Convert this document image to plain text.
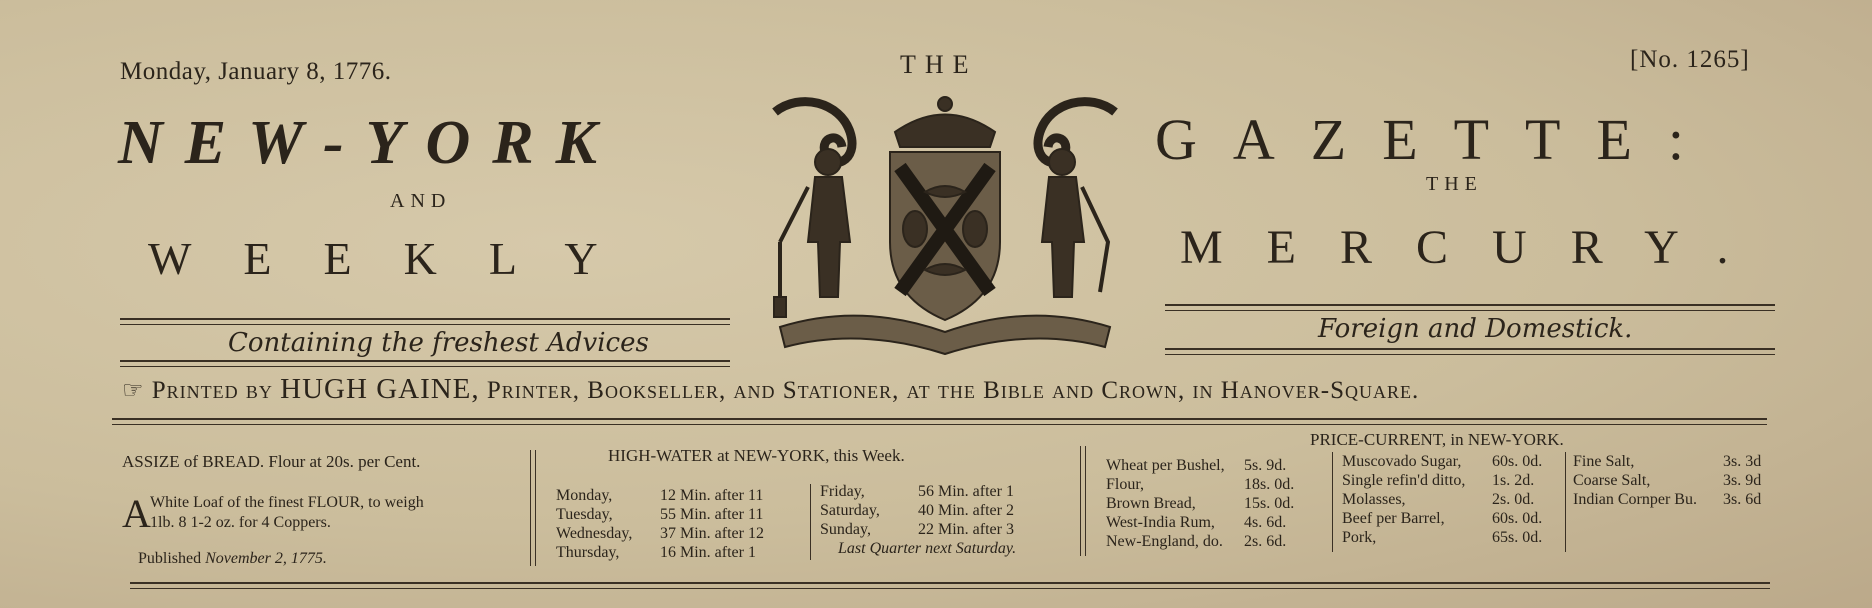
Monday, January 8, 1776.	THE	[No. 1265]
NEW-YORK
AND
WEEKLY
GAZETTE:
THE
MERCURY.
Containing the freshest Advices	Foreign and Domestick.
☞ Printed by HUGH GAINE, Printer, Bookseller, and Stationer, at the Bible and Crown, in Hanover-Square.
ASSIZE of BREAD. Flour at 20s. per Cent.
A White Loaf of the finest FLOUR, to weigh
1lb. 8 1-2 oz. for 4 Coppers.
Published November 2, 1775.
HIGH-WATER at NEW-YORK, this Week.
Monday,	12 Min. after 11
Tuesday,	55 Min. after 11
Wednesday, 37 Min. after 12
Thursday,	16 Min. after 1
Friday,	56 Min. after 1
Saturday, 40 Min. after 2
Sunday,	22 Min. after 3
Last Quarter next Saturday.
PRICE-CURRENT, in NEW-YORK.
Wheat per Bushel, 5s. 9d.
Flour,	18s. 0d.
Brown Bread,	15s. 0d.
West-India Rum, 4s. 6d.
New-England, do. 2s. 6d.
Muscovado Sugar, 60s. 0d.
Single refin'd ditto, 1s. 2d.
Molasses,	2s. 0d.
Beef per Barrel,	60s. 0d.
Pork,	65s. 0d.
Fine Salt,	3s. 3d
Coarse Salt,	3s. 9d
Indian Cornper Bu. 3s. 6d
